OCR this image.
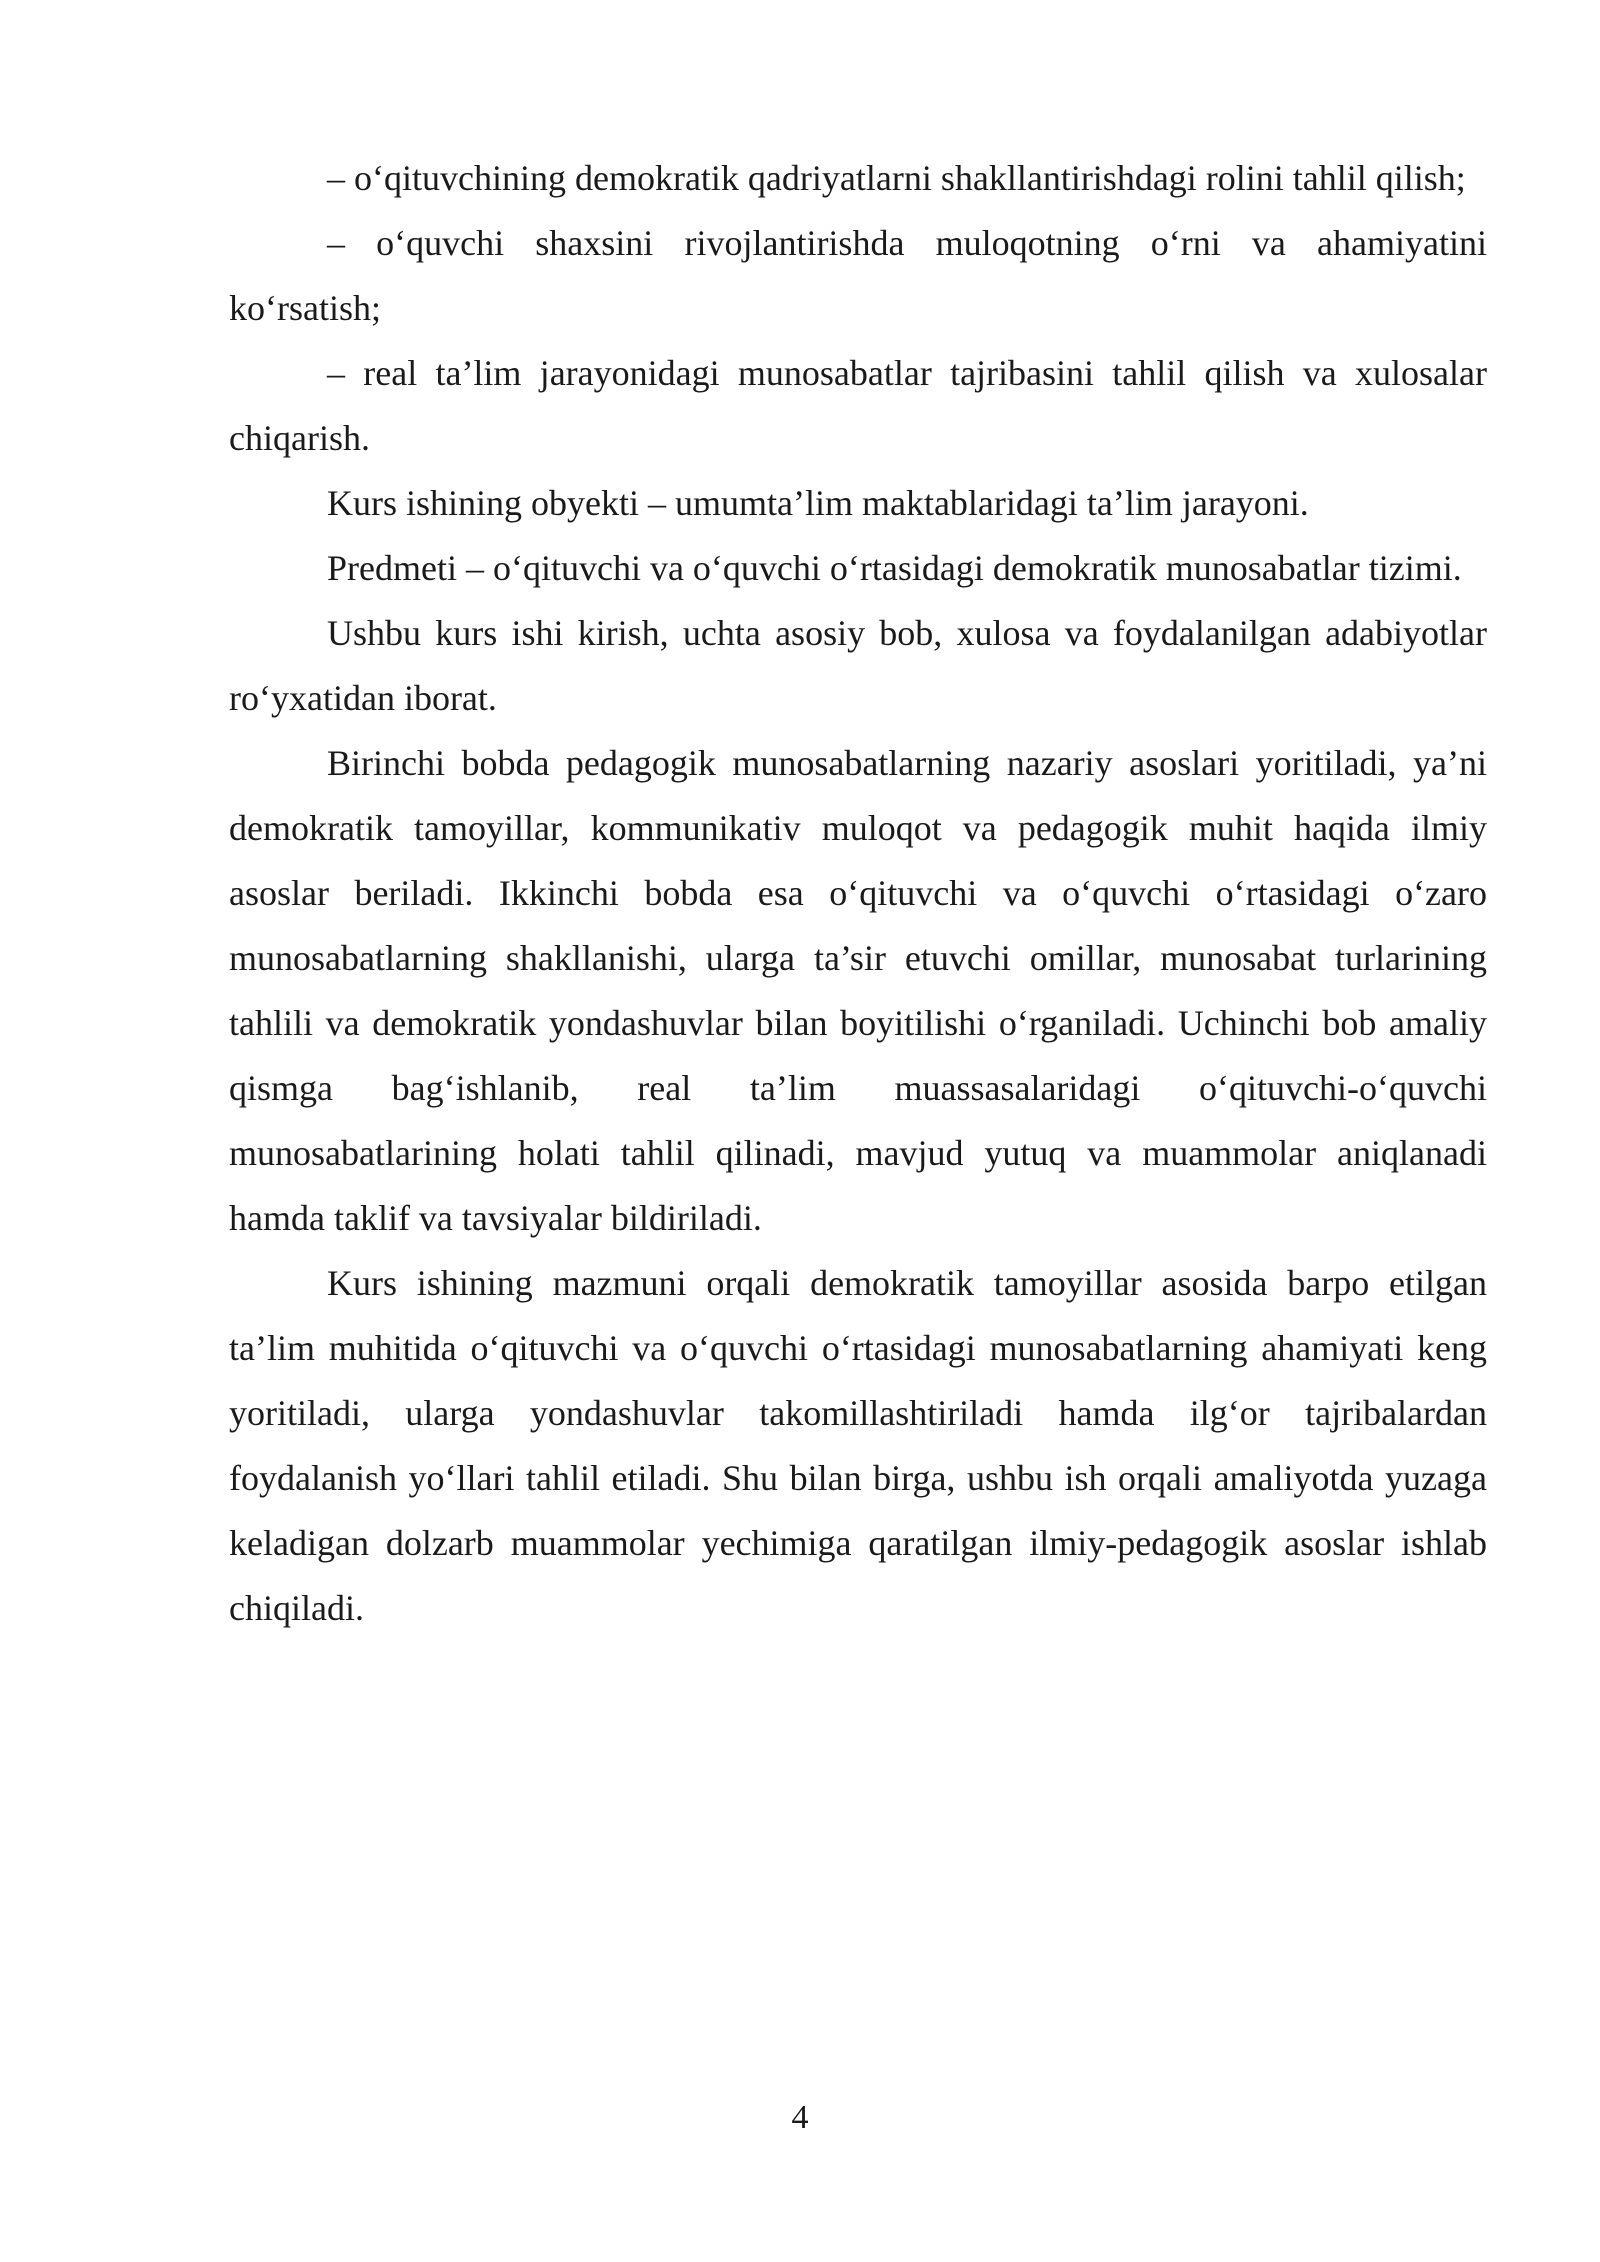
– o‘qituvchining demokratik qadriyatlarni shakllantirishdagi rolini tahlil qilish;

– o‘quvchi shaxsini rivojlantirishda muloqotning o‘rni va ahamiyatini ko‘rsatish;

– real ta’lim jarayonidagi munosabatlar tajribasini tahlil qilish va xulosalar chiqarish.

Kurs ishining obyekti – umumta’lim maktablaridagi ta’lim jarayoni.

Predmeti – o‘qituvchi va o‘quvchi o‘rtasidagi demokratik munosabatlar tizimi.

Ushbu kurs ishi kirish, uchta asosiy bob, xulosa va foydalanilgan adabiyotlar ro‘yxatidan iborat.

Birinchi bobda pedagogik munosabatlarning nazariy asoslari yoritiladi, ya’ni demokratik tamoyillar, kommunikativ muloqot va pedagogik muhit haqida ilmiy asoslar beriladi. Ikkinchi bobda esa o‘qituvchi va o‘quvchi o‘rtasidagi o‘zaro munosabatlarning shakllanishi, ularga ta’sir etuvchi omillar, munosabat turlarining tahlili va demokratik yondashuvlar bilan boyitilishi o‘rganiladi. Uchinchi bob amaliy qismga bag‘ishlanib, real ta’lim muassasalaridagi o‘qituvchi-o‘quvchi munosabatlarining holati tahlil qilinadi, mavjud yutuq va muammolar aniqlanadi hamda taklif va tavsiyalar bildiriladi.

Kurs ishining mazmuni orqali demokratik tamoyillar asosida barpo etilgan ta’lim muhitida o‘qituvchi va o‘quvchi o‘rtasidagi munosabatlarning ahamiyati keng yoritiladi, ularga yondashuvlar takomillashtiriladi hamda ilg‘or tajribalardan foydalanish yo‘llari tahlil etiladi. Shu bilan birga, ushbu ish orqali amaliyotda yuzaga keladigan dolzarb muammolar yechimiga qaratilgan ilmiy-pedagogik asoslar ishlab chiqiladi.

4
